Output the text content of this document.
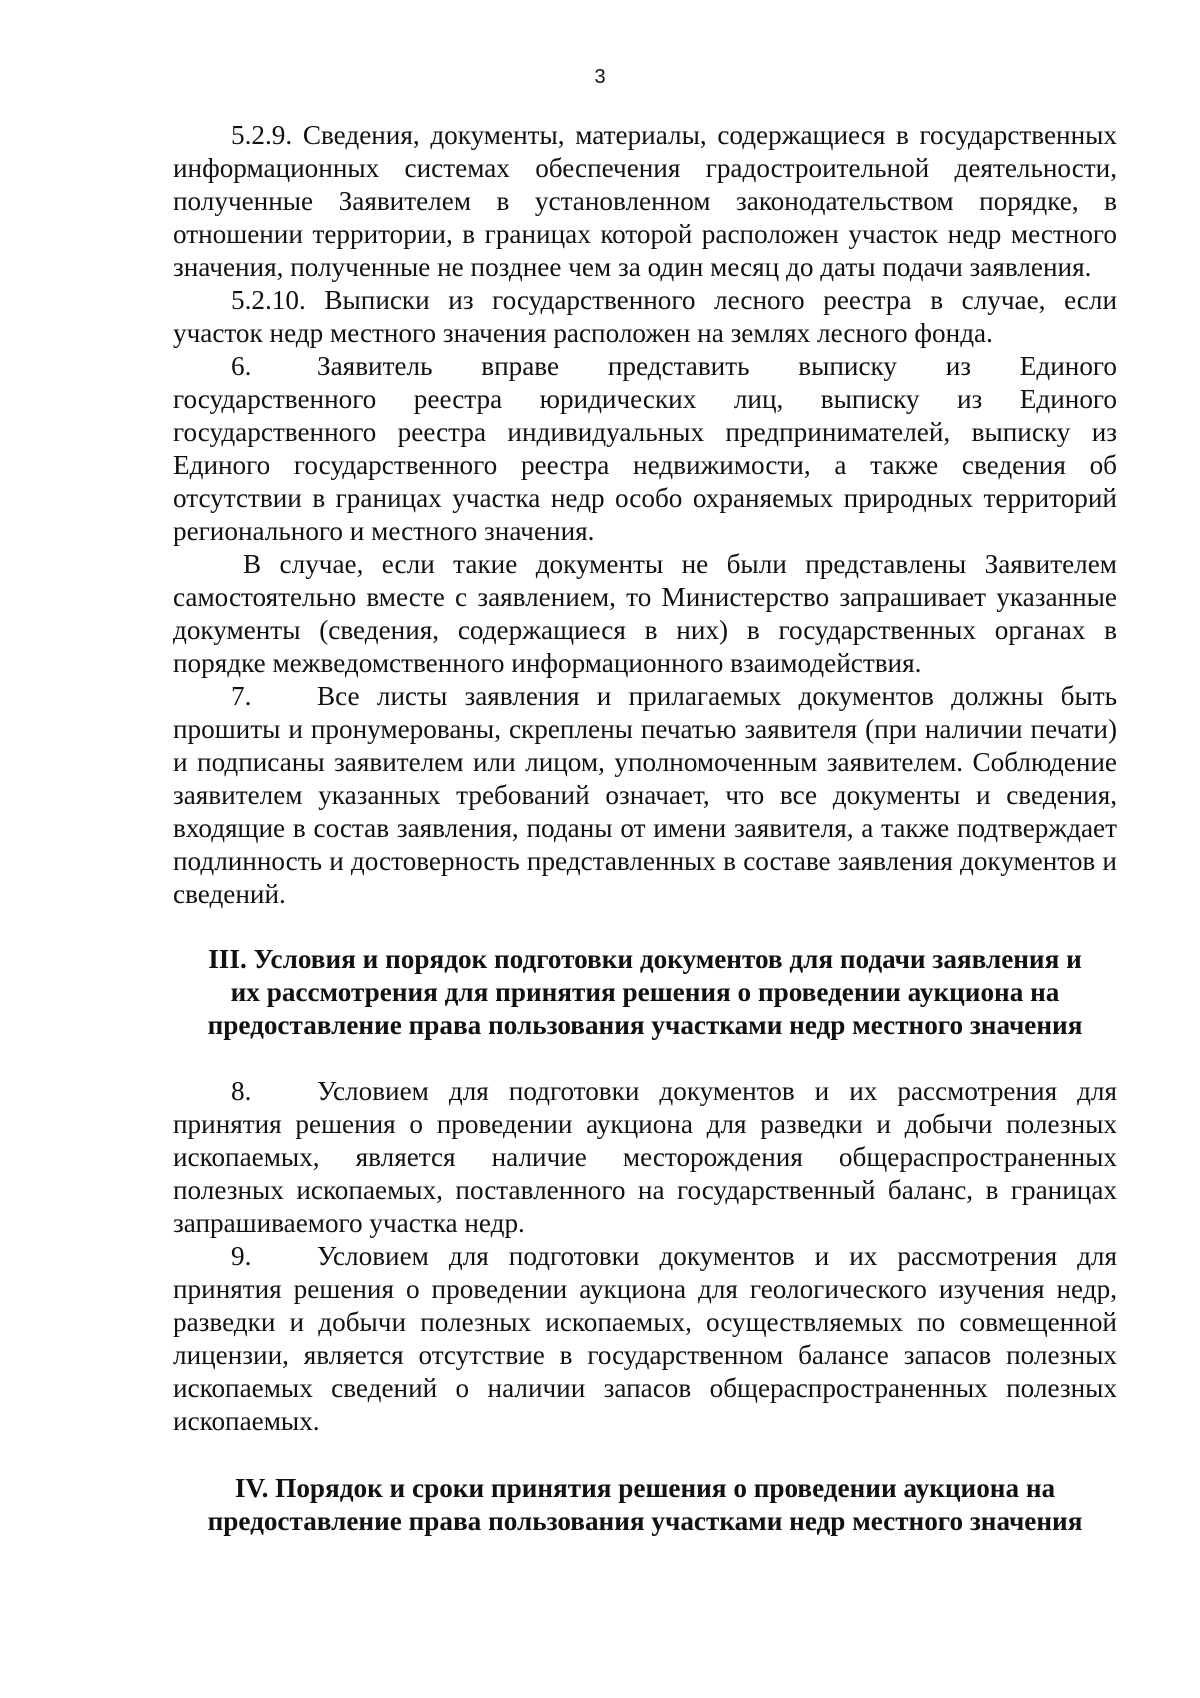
3

5.2.9. Сведения, документы, материалы, содержащиеся в государственных информационных системах обеспечения градостроительной деятельности, полученные Заявителем в установленном законодательством порядке, в отношении территории, в границах которой расположен участок недр местного значения, полученные не позднее чем за один месяц до даты подачи заявления.

5.2.10. Выписки из государственного лесного реестра в случае, если участок недр местного значения расположен на землях лесного фонда.

6. Заявитель вправе представить выписку из Единого государственного реестра юридических лиц, выписку из Единого государственного реестра индивидуальных предпринимателей, выписку из Единого государственного реестра недвижимости, а также сведения об отсутствии в границах участка недр особо охраняемых природных территорий регионального и местного значения.

В случае, если такие документы не были представлены Заявителем самостоятельно вместе с заявлением, то Министерство запрашивает указанные документы (сведения, содержащиеся в них) в государственных органах в порядке межведомственного информационного взаимодействия.

7. Все листы заявления и прилагаемых документов должны быть прошиты и пронумерованы, скреплены печатью заявителя (при наличии печати) и подписаны заявителем или лицом, уполномоченным заявителем. Соблюдение заявителем указанных требований означает, что все документы и сведения, входящие в состав заявления, поданы от имени заявителя, а также подтверждает подлинность и достоверность представленных в составе заявления документов и сведений.

III. Условия и порядок подготовки документов для подачи заявления и их рассмотрения для принятия решения о проведении аукциона на предоставление права пользования участками недр местного значения

8. Условием для подготовки документов и их рассмотрения для принятия решения о проведении аукциона для разведки и добычи полезных ископаемых, является наличие месторождения общераспространенных полезных ископаемых, поставленного на государственный баланс, в границах запрашиваемого участка недр.

9. Условием для подготовки документов и их рассмотрения для принятия решения о проведении аукциона для геологического изучения недр, разведки и добычи полезных ископаемых, осуществляемых по совмещенной лицензии, является отсутствие в государственном балансе запасов полезных ископаемых сведений о наличии запасов общераспространенных полезных ископаемых.

IV. Порядок и сроки принятия решения о проведении аукциона на предоставление права пользования участками недр местного значения
